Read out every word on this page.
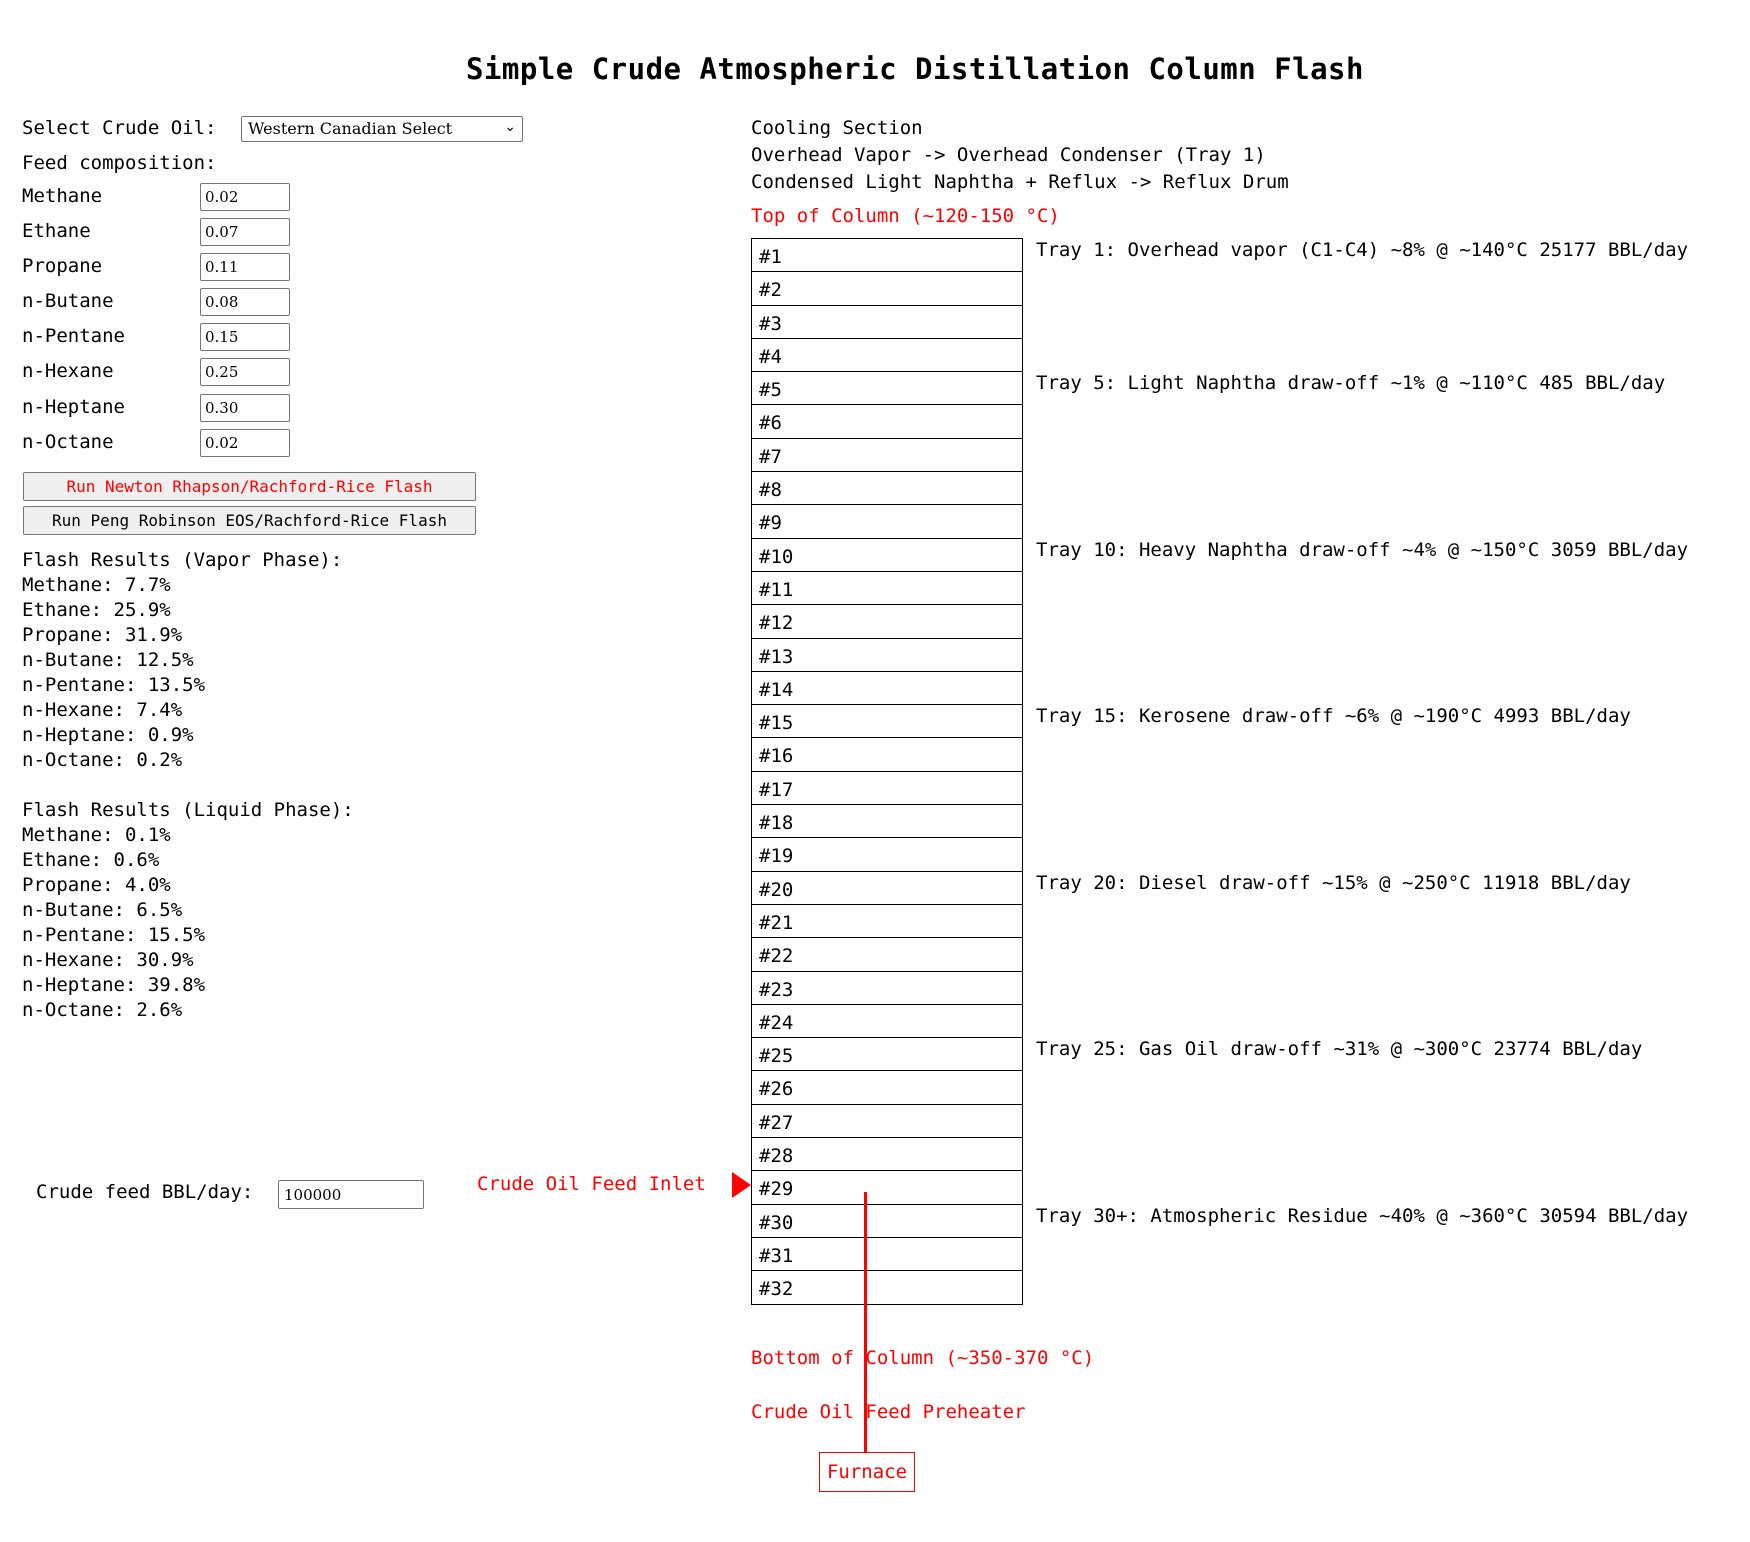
Simple Crude Atmospheric Distillation Column Flash
Select Crude Oil:	Western Canadian Select	⌄
Feed composition:
Methane
0.02
Ethane
0.07
Propane
0.11
n-Butane
0.08
n-Pentane
0.15
n-Hexane
0.25
n-Heptane
0.30
n-Octane
0.02
Run Newton Rhapson/Rachford-Rice Flash
Run Peng Robinson EOS/Rachford-Rice Flash
Flash Results (Vapor Phase):
Methane: 7.7%
Ethane: 25.9%
Propane: 31.9%
n-Butane: 12.5%
n-Pentane: 13.5%
n-Hexane: 7.4%
n-Heptane: 0.9%
n-Octane: 0.2%
Flash Results (Liquid Phase):
Methane: 0.1%
Ethane: 0.6%
Propane: 4.0%
n-Butane: 6.5%
n-Pentane: 15.5%
n-Hexane: 30.9%
n-Heptane: 39.8%
n-Octane: 2.6%
Crude feed BBL/day:
100000
Cooling Section
Overhead Vapor -> Overhead Condenser (Tray 1)
Condensed Light Naphtha + Reflux -> Reflux Drum
Top of Column (~120-150 °C)
#1
#2
#3
#4
#5
#6
#7
#8
#9
#10
#11
#12
#13
#14
#15
#16
#17
#18
#19
#20
#21
#22
#23
#24
#25
#26
#27
#28
#29
#30
#31
#32
Tray 1: Overhead vapor (C1-C4) ~8% @ ~140°C 25177 BBL/day
Tray 5: Light Naphtha draw-off ~1% @ ~110°C 485 BBL/day
Tray 10: Heavy Naphtha draw-off ~4% @ ~150°C 3059 BBL/day
Tray 15: Kerosene draw-off ~6% @ ~190°C 4993 BBL/day
Tray 20: Diesel draw-off ~15% @ ~250°C 11918 BBL/day
Tray 25: Gas Oil draw-off ~31% @ ~300°C 23774 BBL/day
Tray 30+: Atmospheric Residue ~40% @ ~360°C 30594 BBL/day
Crude Oil Feed Inlet
Bottom of Column (~350-370 °C)
Crude Oil Feed Preheater
Furnace
